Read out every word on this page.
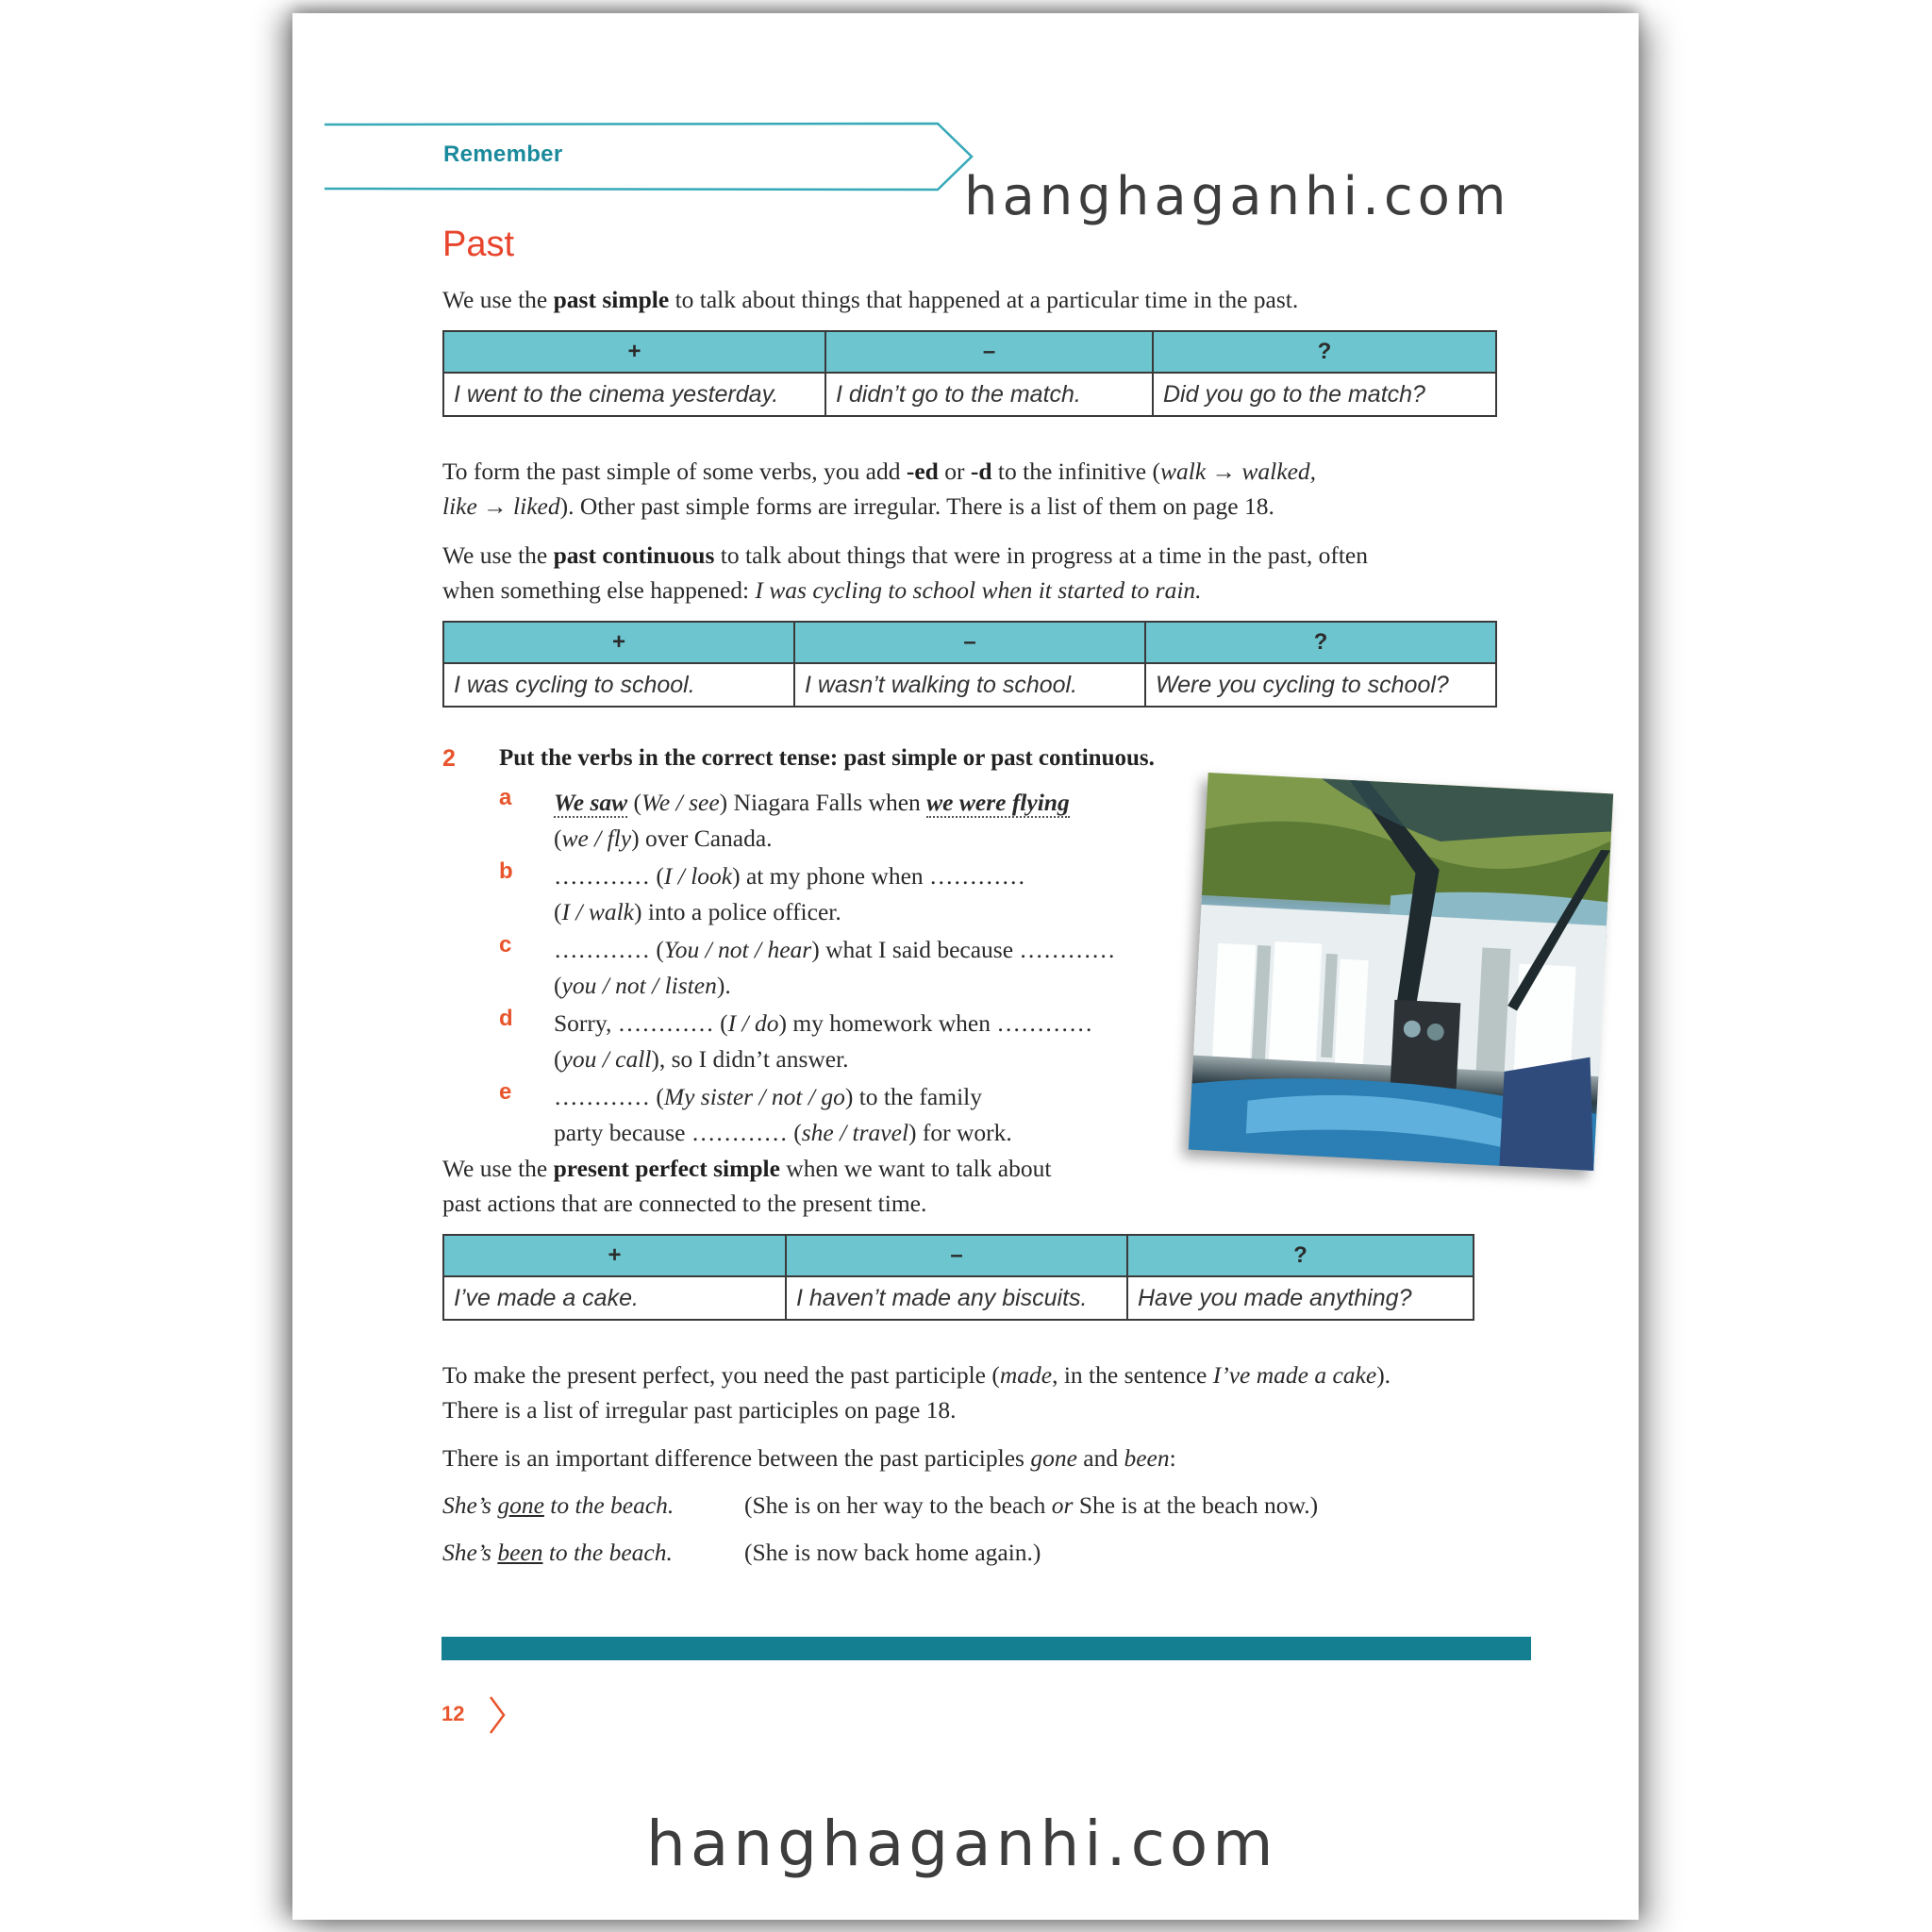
Remember
hanghaganhi.com
Past
We use the past simple to talk about things that happened at a particular time in the past.
+	–	?
I went to the cinema yesterday.	I didn’t go to the match.	Did you go to the match?
To form the past simple of some verbs, you add -ed or -d to the infinitive (walk → walked,
like → liked). Other past simple forms are irregular. There is a list of them on page 18.
We use the past continuous to talk about things that were in progress at a time in the past, often
when something else happened: I was cycling to school when it started to rain.
+	–	?
I was cycling to school.	I wasn’t walking to school.	Were you cycling to school?
2 Put the verbs in the correct tense: past simple or past continuous.
a We saw (We / see) Niagara Falls when we were flying
(we / fly) over Canada.
b ………… (I / look) at my phone when …………
(I / walk) into a police officer.
c ………… (You / not / hear) what I said because …………
(you / not / listen).
d Sorry, ………… (I / do) my homework when …………
(you / call), so I didn’t answer.
e ………… (My sister / not / go) to the family
party because ………… (she / travel) for work.
We use the present perfect simple when we want to talk about
past actions that are connected to the present time.
+	–	?
I’ve made a cake.	I haven’t made any biscuits.	Have you made anything?
To make the present perfect, you need the past participle (made, in the sentence I’ve made a cake).
There is a list of irregular past participles on page 18.
There is an important difference between the past participles gone and been:
She’s gone to the beach.	(She is on her way to the beach or She is at the beach now.)
She’s been to the beach.	(She is now back home again.)
12
hanghaganhi.com
